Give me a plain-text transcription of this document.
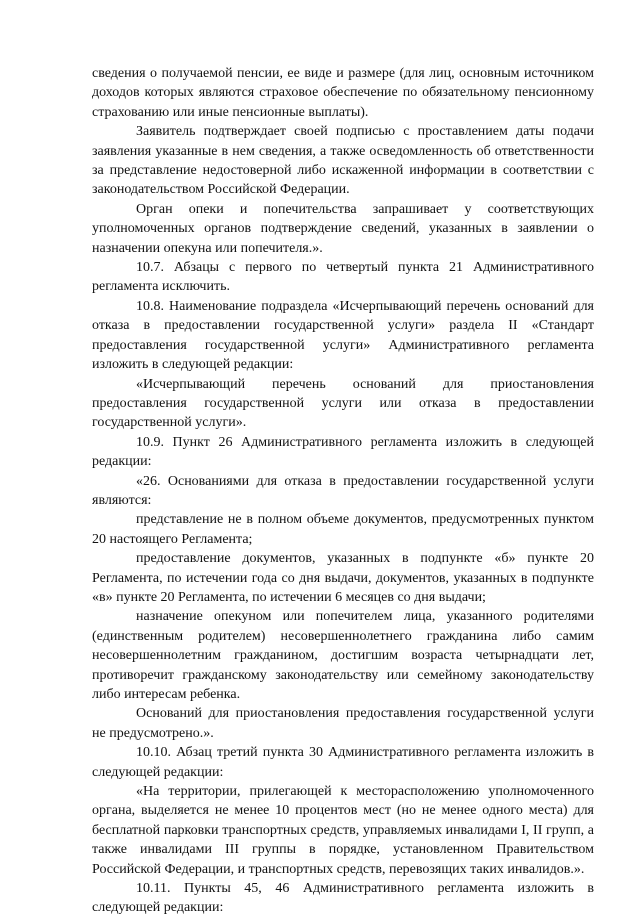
сведения о получаемой пенсии, ее виде и размере (для лиц, основным источником доходов которых являются страховое обеспечение по обязательному пенсионному страхованию или иные пенсионные выплаты).

Заявитель подтверждает своей подписью с проставлением даты подачи заявления указанные в нем сведения, а также осведомленность об ответственности за представление недостоверной либо искаженной информации в соответствии с законодательством Российской Федерации.

Орган опеки и попечительства запрашивает у соответствующих уполномоченных органов подтверждение сведений, указанных в заявлении о назначении опекуна или попечителя.».

10.7. Абзацы с первого по четвертый пункта 21 Административного регламента исключить.

10.8. Наименование подраздела «Исчерпывающий перечень оснований для отказа в предоставлении государственной услуги» раздела II «Стандарт предоставления государственной услуги» Административного регламента изложить в следующей редакции:

«Исчерпывающий перечень оснований для приостановления предоставления государственной услуги или отказа в предоставлении государственной услуги».

10.9. Пункт 26 Административного регламента изложить в следующей редакции:

«26. Основаниями для отказа в предоставлении государственной услуги являются:

представление не в полном объеме документов, предусмотренных пунктом 20 настоящего Регламента;

предоставление документов, указанных в подпункте «б» пункте 20 Регламента, по истечении года со дня выдачи, документов, указанных в подпункте «в» пункте 20 Регламента, по истечении 6 месяцев со дня выдачи;

назначение опекуном или попечителем лица, указанного родителями (единственным родителем) несовершеннолетнего гражданина либо самим несовершеннолетним гражданином, достигшим возраста четырнадцати лет, противоречит гражданскому законодательству или семейному законодательству либо интересам ребенка.

Оснований для приостановления предоставления государственной услуги не предусмотрено.».

10.10. Абзац третий пункта 30 Административного регламента изложить в следующей редакции:

«На территории, прилегающей к месторасположению уполномоченного органа, выделяется не менее 10 процентов мест (но не менее одного места) для бесплатной парковки транспортных средств, управляемых инвалидами I, II групп, а также инвалидами III группы в порядке, установленном Правительством Российской Федерации, и транспортных средств, перевозящих таких инвалидов.».

10.11. Пункты 45, 46 Административного регламента изложить в следующей редакции:
